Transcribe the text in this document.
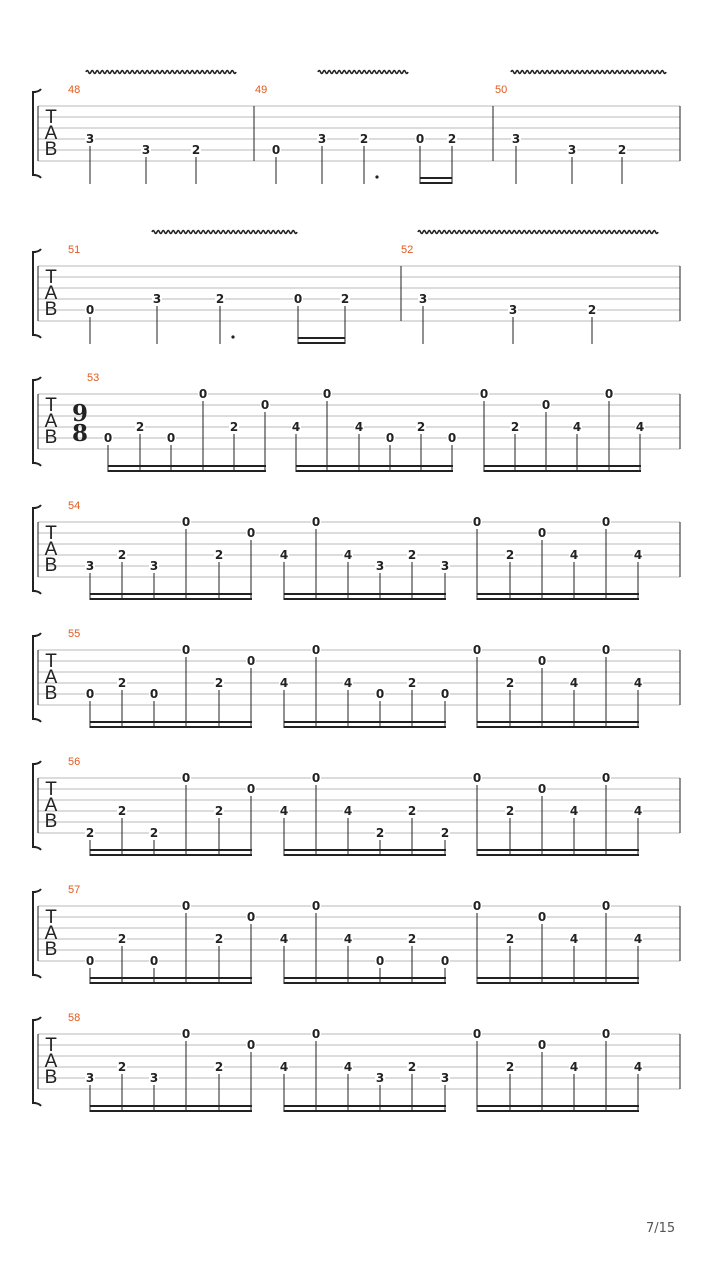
T
A
B
48
3
3	2
49
0
3	2	0 2
50
3
3	2
T
A
B
51
0
3	2	0	2
52
3
3	2
T
A
B
53
9
8 0
2
0
0
2
0
4
0
4
0
2
0
0
2
0
4
0
4
T
A
B
54
3
2
3
0
2
0
4
0
4
3
2
3
0
2
0
4
0
4
T
A
B
55
0
2
0
0
2
0
4
0
4
0
2
0
0
2
0
4
0
4
T
A
B
56
2
2
2
0
2
0
4
0
4
2
2
2
0
2
0
4
0
4
T
A
B
57
0
2
0
0
2
0
4
0
4
0
2
0
0
2
0
4
0
4
T
A
B
58
3
2
3
0
2
0
4
0
4
3
2
3
0
2
0
4
0
4
7/15
